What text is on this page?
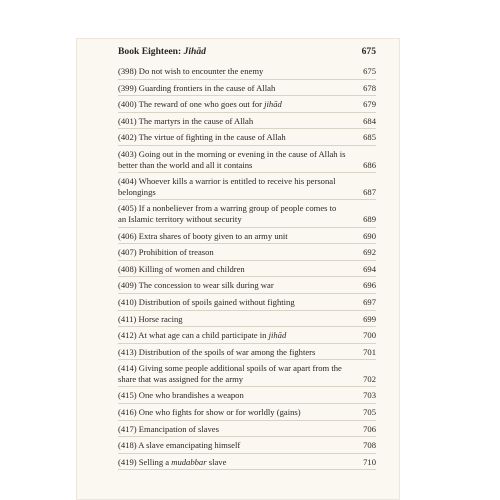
Book Eighteen: Jihād	675
(398) Do not wish to encounter the enemy	675
(399) Guarding frontiers in the cause of Allah	678
(400) The reward of one who goes out for jihād	679
(401) The martyrs in the cause of Allah	684
(402) The virtue of fighting in the cause of Allah	685
(403) Going out in the morning or evening in the cause of Allah is better than the world and all it contains	686
(404) Whoever kills a warrior is entitled to receive his personal belongings	687
(405) If a nonbeliever from a warring group of people comes to an Islamic territory without security	689
(406) Extra shares of booty given to an army unit	690
(407) Prohibition of treason	692
(408) Killing of women and children	694
(409) The concession to wear silk during war	696
(410) Distribution of spoils gained without fighting	697
(411) Horse racing	699
(412) At what age can a child participate in jihād	700
(413) Distribution of the spoils of war among the fighters	701
(414) Giving some people additional spoils of war apart from the share that was assigned for the army	702
(415) One who brandishes a weapon	703
(416) One who fights for show or for worldly (gains)	705
(417) Emancipation of slaves	706
(418) A slave emancipating himself	708
(419) Selling a mudabbar slave	710
